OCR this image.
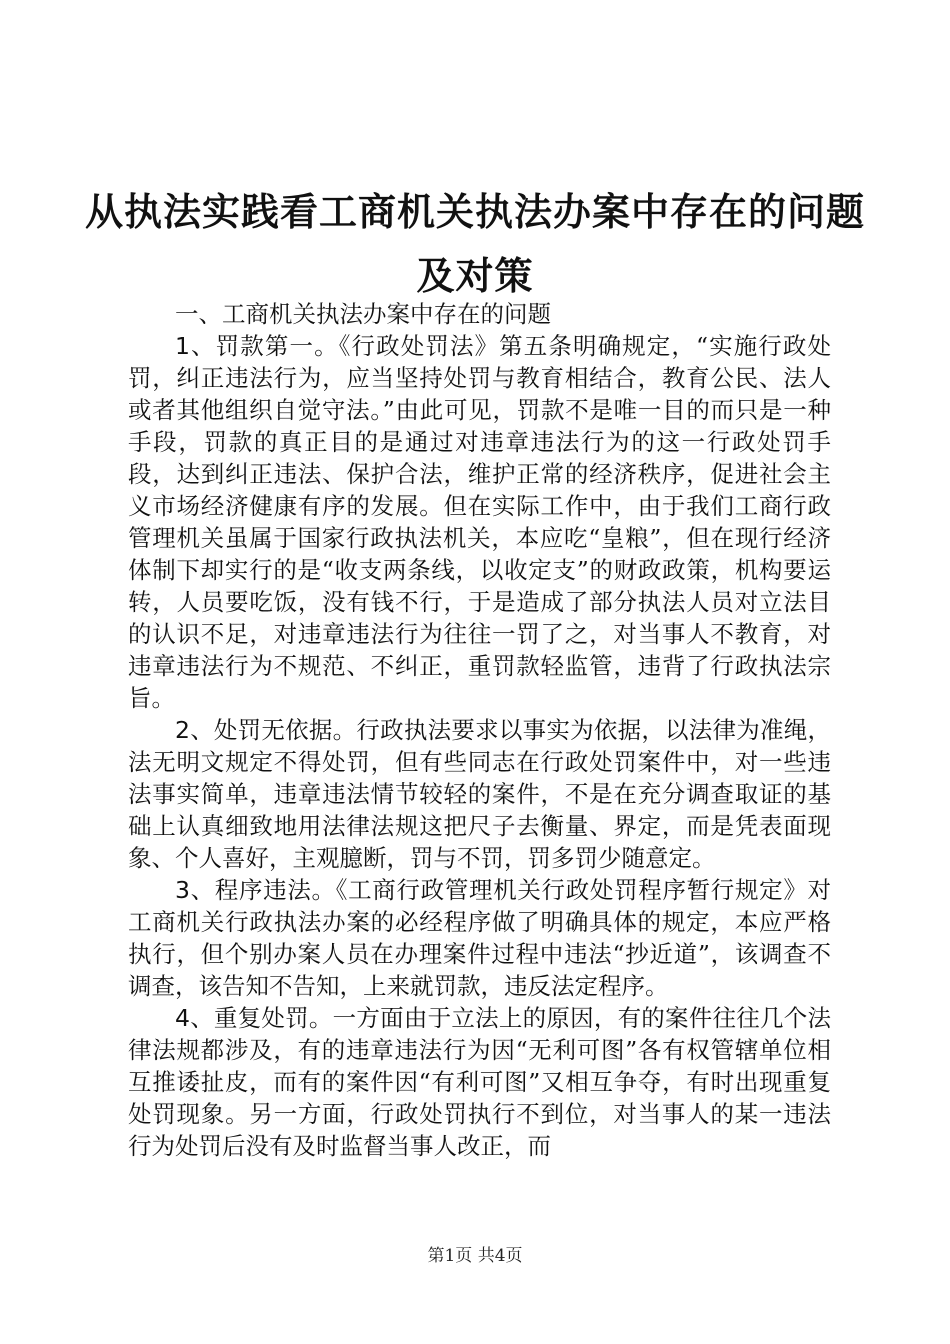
从执法实践看工商机关执法办案中存在的问题
及对策
一、工商机关执法办案中存在的问题

1、罚款第一。《行政处罚法》第五条明确规定，“实施行政处罚，纠正违法行为，应当坚持处罚与教育相结合，教育公民、法人或者其他组织自觉守法。”由此可见，罚款不是唯一目的而只是一种手段，罚款的真正目的是通过对违章违法行为的这一行政处罚手段，达到纠正违法、保护合法，维护正常的经济秩序，促进社会主义市场经济健康有序的发展。但在实际工作中，由于我们工商行政管理机关虽属于国家行政执法机关，本应吃“皇粮”，但在现行经济体制下却实行的是“收支两条线，以收定支”的财政政策，机构要运转，人员要吃饭，没有钱不行，于是造成了部分执法人员对立法目的认识不足，对违章违法行为往往一罚了之，对当事人不教育，对违章违法行为不规范、不纠正，重罚款轻监管，违背了行政执法宗旨。

2、处罚无依据。行政执法要求以事实为依据，以法律为准绳，法无明文规定不得处罚，但有些同志在行政处罚案件中，对一些违法事实简单，违章违法情节较轻的案件，不是在充分调查取证的基础上认真细致地用法律法规这把尺子去衡量、界定，而是凭表面现象、个人喜好，主观臆断，罚与不罚，罚多罚少随意定。

3、程序违法。《工商行政管理机关行政处罚程序暂行规定》对工商机关行政执法办案的必经程序做了明确具体的规定，本应严格执行，但个别办案人员在办理案件过程中违法“抄近道”，该调查不调查，该告知不告知，上来就罚款，违反法定程序。

4、重复处罚。一方面由于立法上的原因，有的案件往往几个法律法规都涉及，有的违章违法行为因“无利可图”各有权管辖单位相互推诿扯皮，而有的案件因“有利可图”又相互争夺，有时出现重复处罚现象。另一方面，行政处罚执行不到位，对当事人的某一违法行为处罚后没有及时监督当事人改正，而

第1页 共4页
